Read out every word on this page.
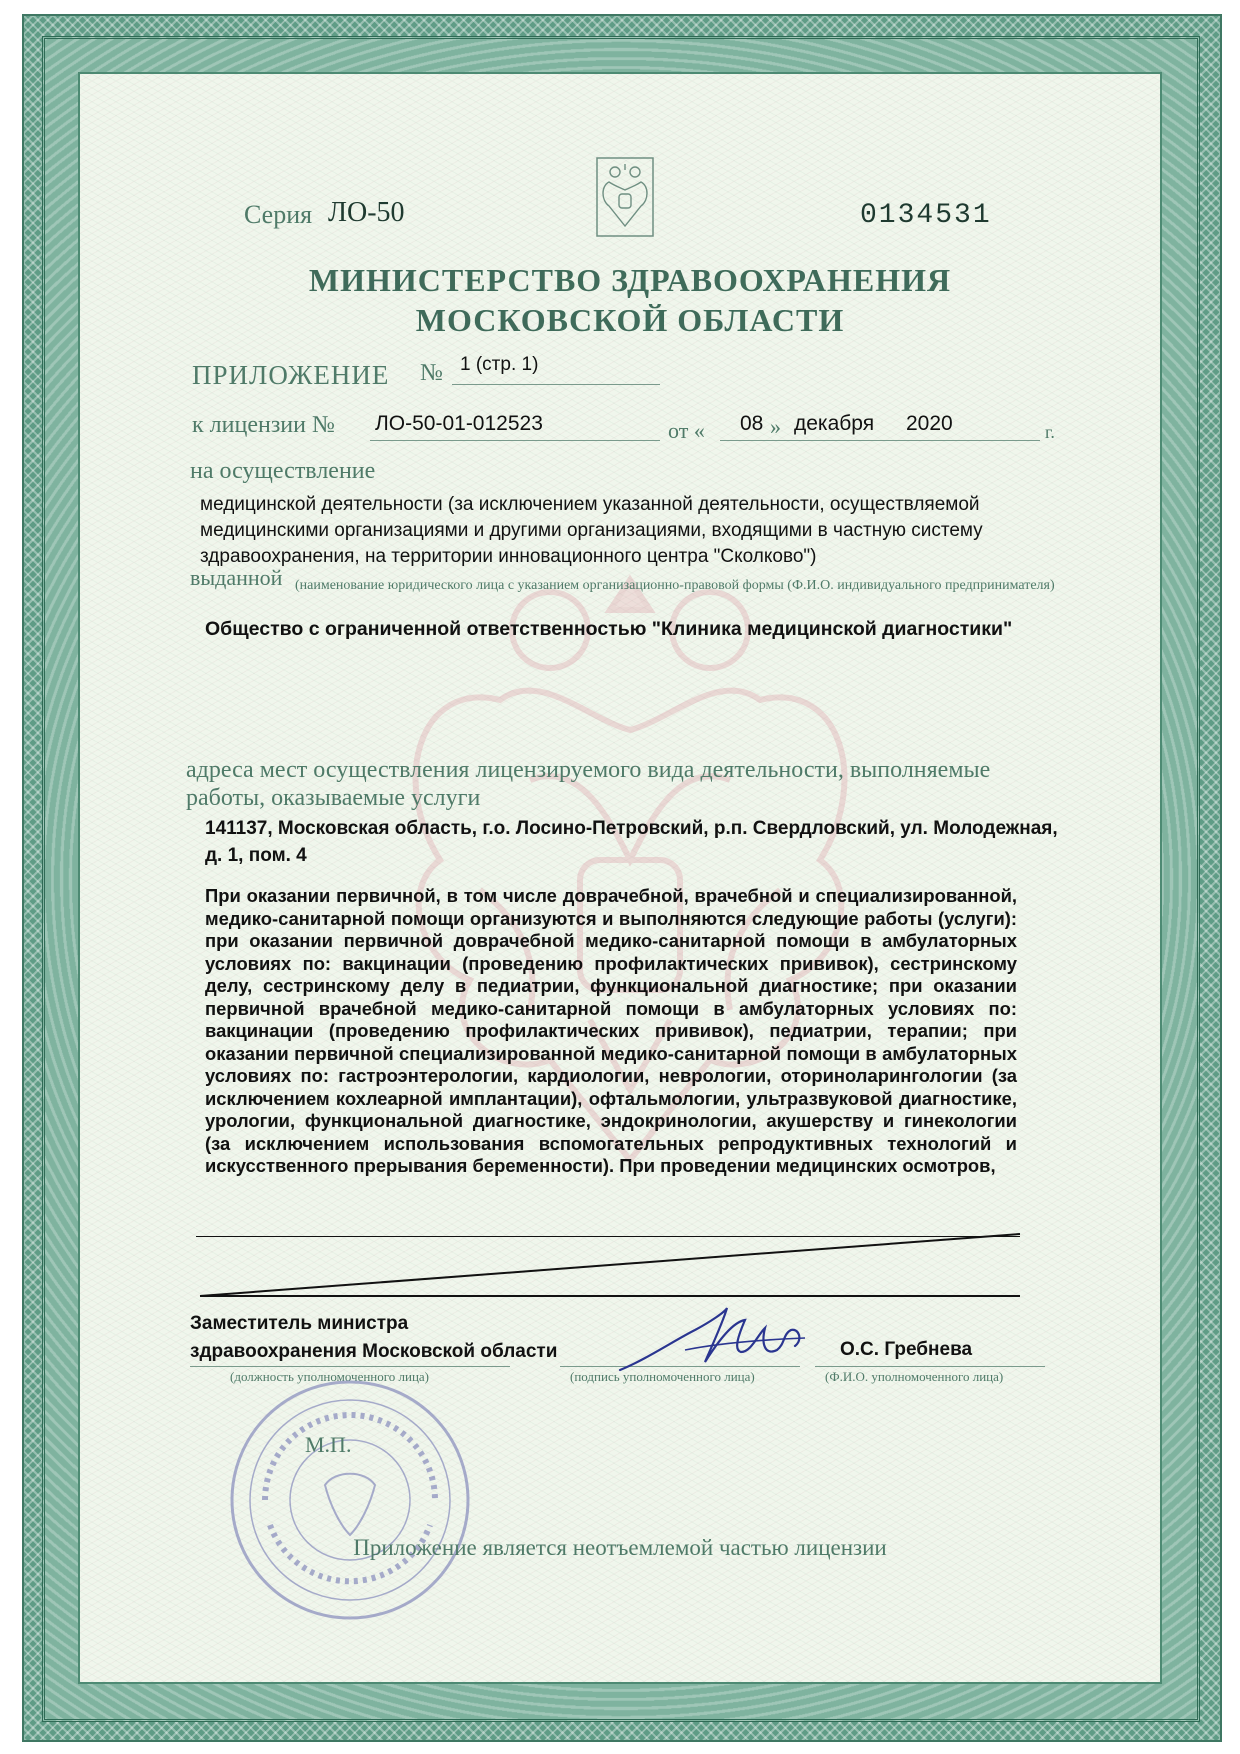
Серия ЛО-50	0134531
МИНИСТЕРСТВО ЗДРАВООХРАНЕНИЯ
МОСКОВСКОЙ ОБЛАСТИ
ПРИЛОЖЕНИЕ № 1 (стр. 1)
к лицензии № ЛО-50-01-012523	от « 08 » декабря 2020	г.
на осуществление
медицинской деятельности (за исключением указанной деятельности, осуществляемой медицинскими организациями и другими организациями, входящими в частную систему здравоохранения, на территории инновационного центра "Сколково")
выданной (наименование юридического лица с указанием организационно-правовой формы (Ф.И.О. индивидуального предпринимателя)
Общество с ограниченной ответственностью "Клиника медицинской диагностики"
адреса мест осуществления лицензируемого вида деятельности, выполняемые работы, оказываемые услуги
141137, Московская область, г.о. Лосино-Петровский, р.п. Свердловский, ул. Молодежная, д. 1, пом. 4
При оказании первичной, в том числе доврачебной, врачебной и специализированной, медико-санитарной помощи организуются и выполняются следующие работы (услуги): при оказании первичной доврачебной медико-санитарной помощи в амбулаторных условиях по: вакцинации (проведению профилактических прививок), сестринскому делу, сестринскому делу в педиатрии, функциональной диагностике; при оказании первичной врачебной медико-санитарной помощи в амбулаторных условиях по: вакцинации (проведению профилактических прививок), педиатрии, терапии; при оказании первичной специализированной медико-санитарной помощи в амбулаторных условиях по: гастроэнтерологии, кардиологии, неврологии, оториноларингологии (за исключением кохлеарной имплантации), офтальмологии, ультразвуковой диагностике, урологии, функциональной диагностике, эндокринологии, акушерству и гинекологии (за исключением использования вспомогательных репродуктивных технологий и искусственного прерывания беременности). При проведении медицинских осмотров,
Заместитель министра
здравоохранения Московской области	О.С. Гребнева
(должность уполномоченного лица)	(подпись уполномоченного лица)	(Ф.И.О. уполномоченного лица)
М.П.
Приложение является неотъемлемой частью лицензии
